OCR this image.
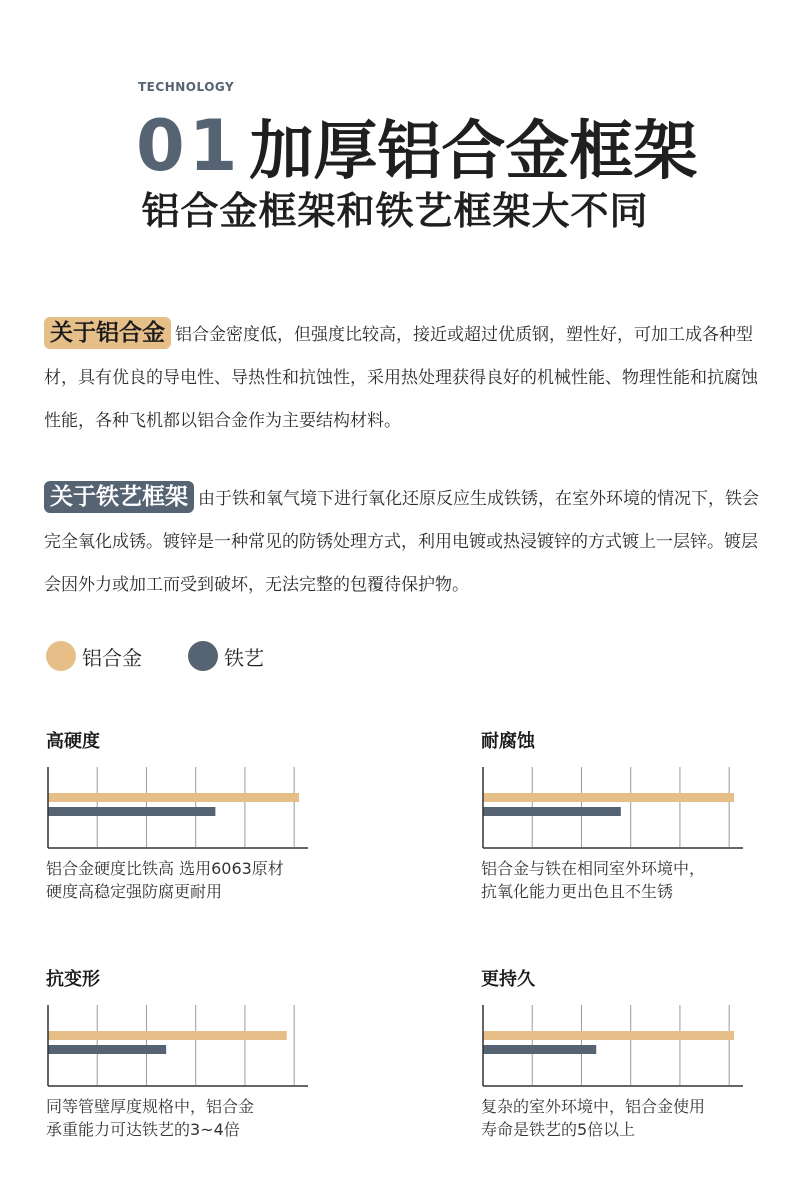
TECHNOLOGY
01 加厚铝合金框架
铝合金框架和铁艺框架大不同
关于铝合金 铝合金密度低，但强度比较高，接近或超过优质钢，塑性好，可加工成各种型材，具有优良的导电性、导热性和抗蚀性，采用热处理获得良好的机械性能、物理性能和抗腐蚀性能，各种飞机都以铝合金作为主要结构材料。
关于铁艺框架 由于铁和氧气境下进行氧化还原反应生成铁锈，在室外环境的情况下，铁会完全氧化成锈。镀锌是一种常见的防锈处理方式，利用电镀或热浸镀锌的方式镀上一层锌。镀层会因外力或加工而受到破坏，无法完整的包覆待保护物。
铝合金	铁艺
高硬度
铝合金硬度比铁高 选用6063原材
硬度高稳定强防腐更耐用
耐腐蚀
铝合金与铁在相同室外环境中，
抗氧化能力更出色且不生锈
抗变形
同等管壁厚度规格中，铝合金
承重能力可达铁艺的3~4倍
更持久
复杂的室外环境中，铝合金使用
寿命是铁艺的5倍以上
